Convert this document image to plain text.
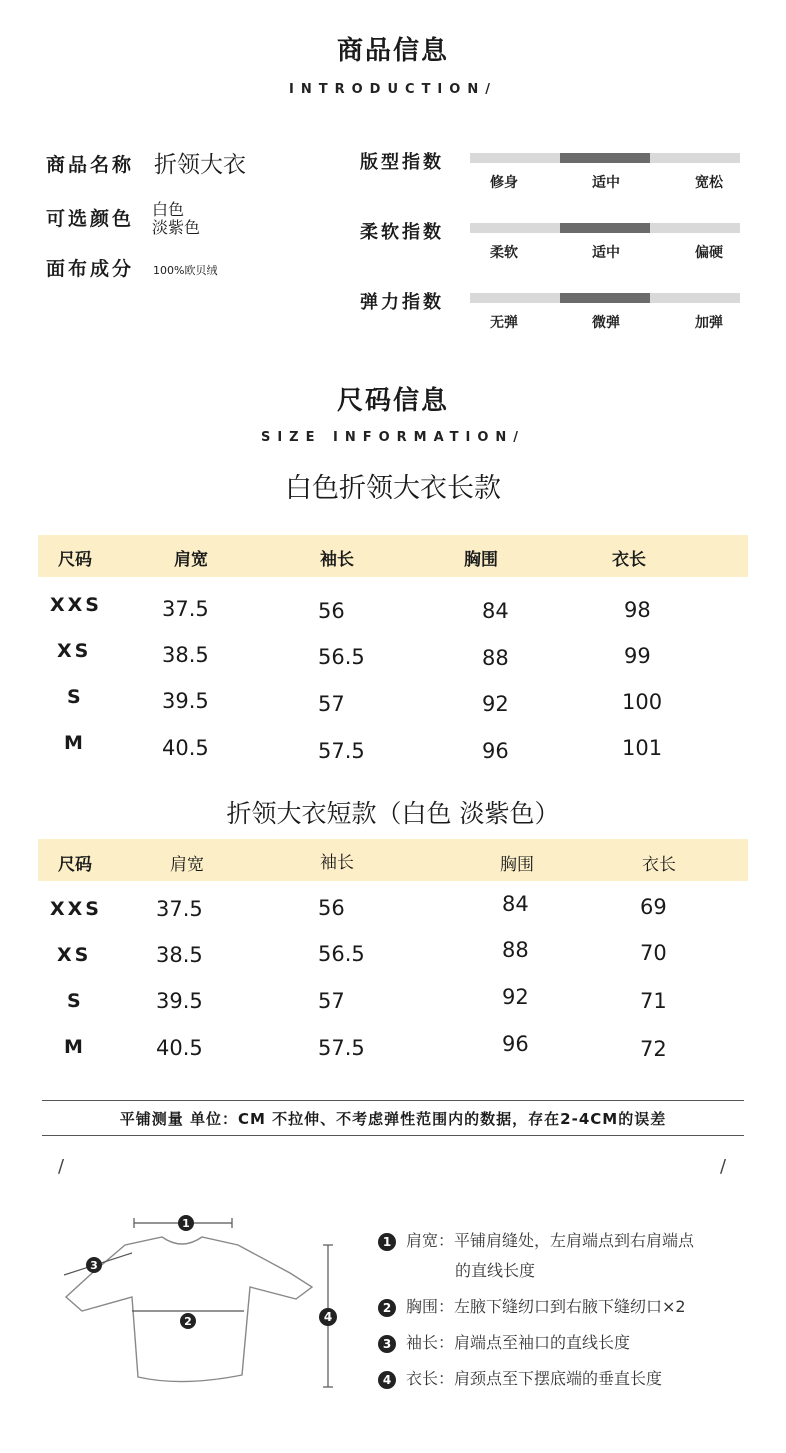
商品信息
INTRODUCTION/
商品名称 折领大衣
可选颜色 白色
淡紫色
面布成分 100%欧贝绒
版型指数
修身	适中	宽松
柔软指数
柔软	适中	偏硬
弹力指数
无弹	微弹	加弹
尺码信息
SIZE INFORMATION/
白色折领大衣长款
尺码	肩宽	袖长	胸围	衣长
XXS	37.5	56	84	98
XS	38.5	56.5	88	99
S	39.5	57	92	100
M	40.5	57.5	96	101
折领大衣短款（白色 淡紫色）
尺码	肩宽	袖长	胸围	衣长
XXS	37.5	56	84	69
XS	38.5	56.5	88	70
S	39.5	57	92	71
M	40.5	57.5	96	72
平铺测量 单位：CM 不拉伸、不考虑弹性范围内的数据，存在2-4CM的误差
/	/
1
3
2	4
1 肩宽：平铺肩缝处，左肩端点到右肩端点
的直线长度
2 胸围：左腋下缝纫口到右腋下缝纫口×2
3 袖长：肩端点至袖口的直线长度
4 衣长：肩颈点至下摆底端的垂直长度
